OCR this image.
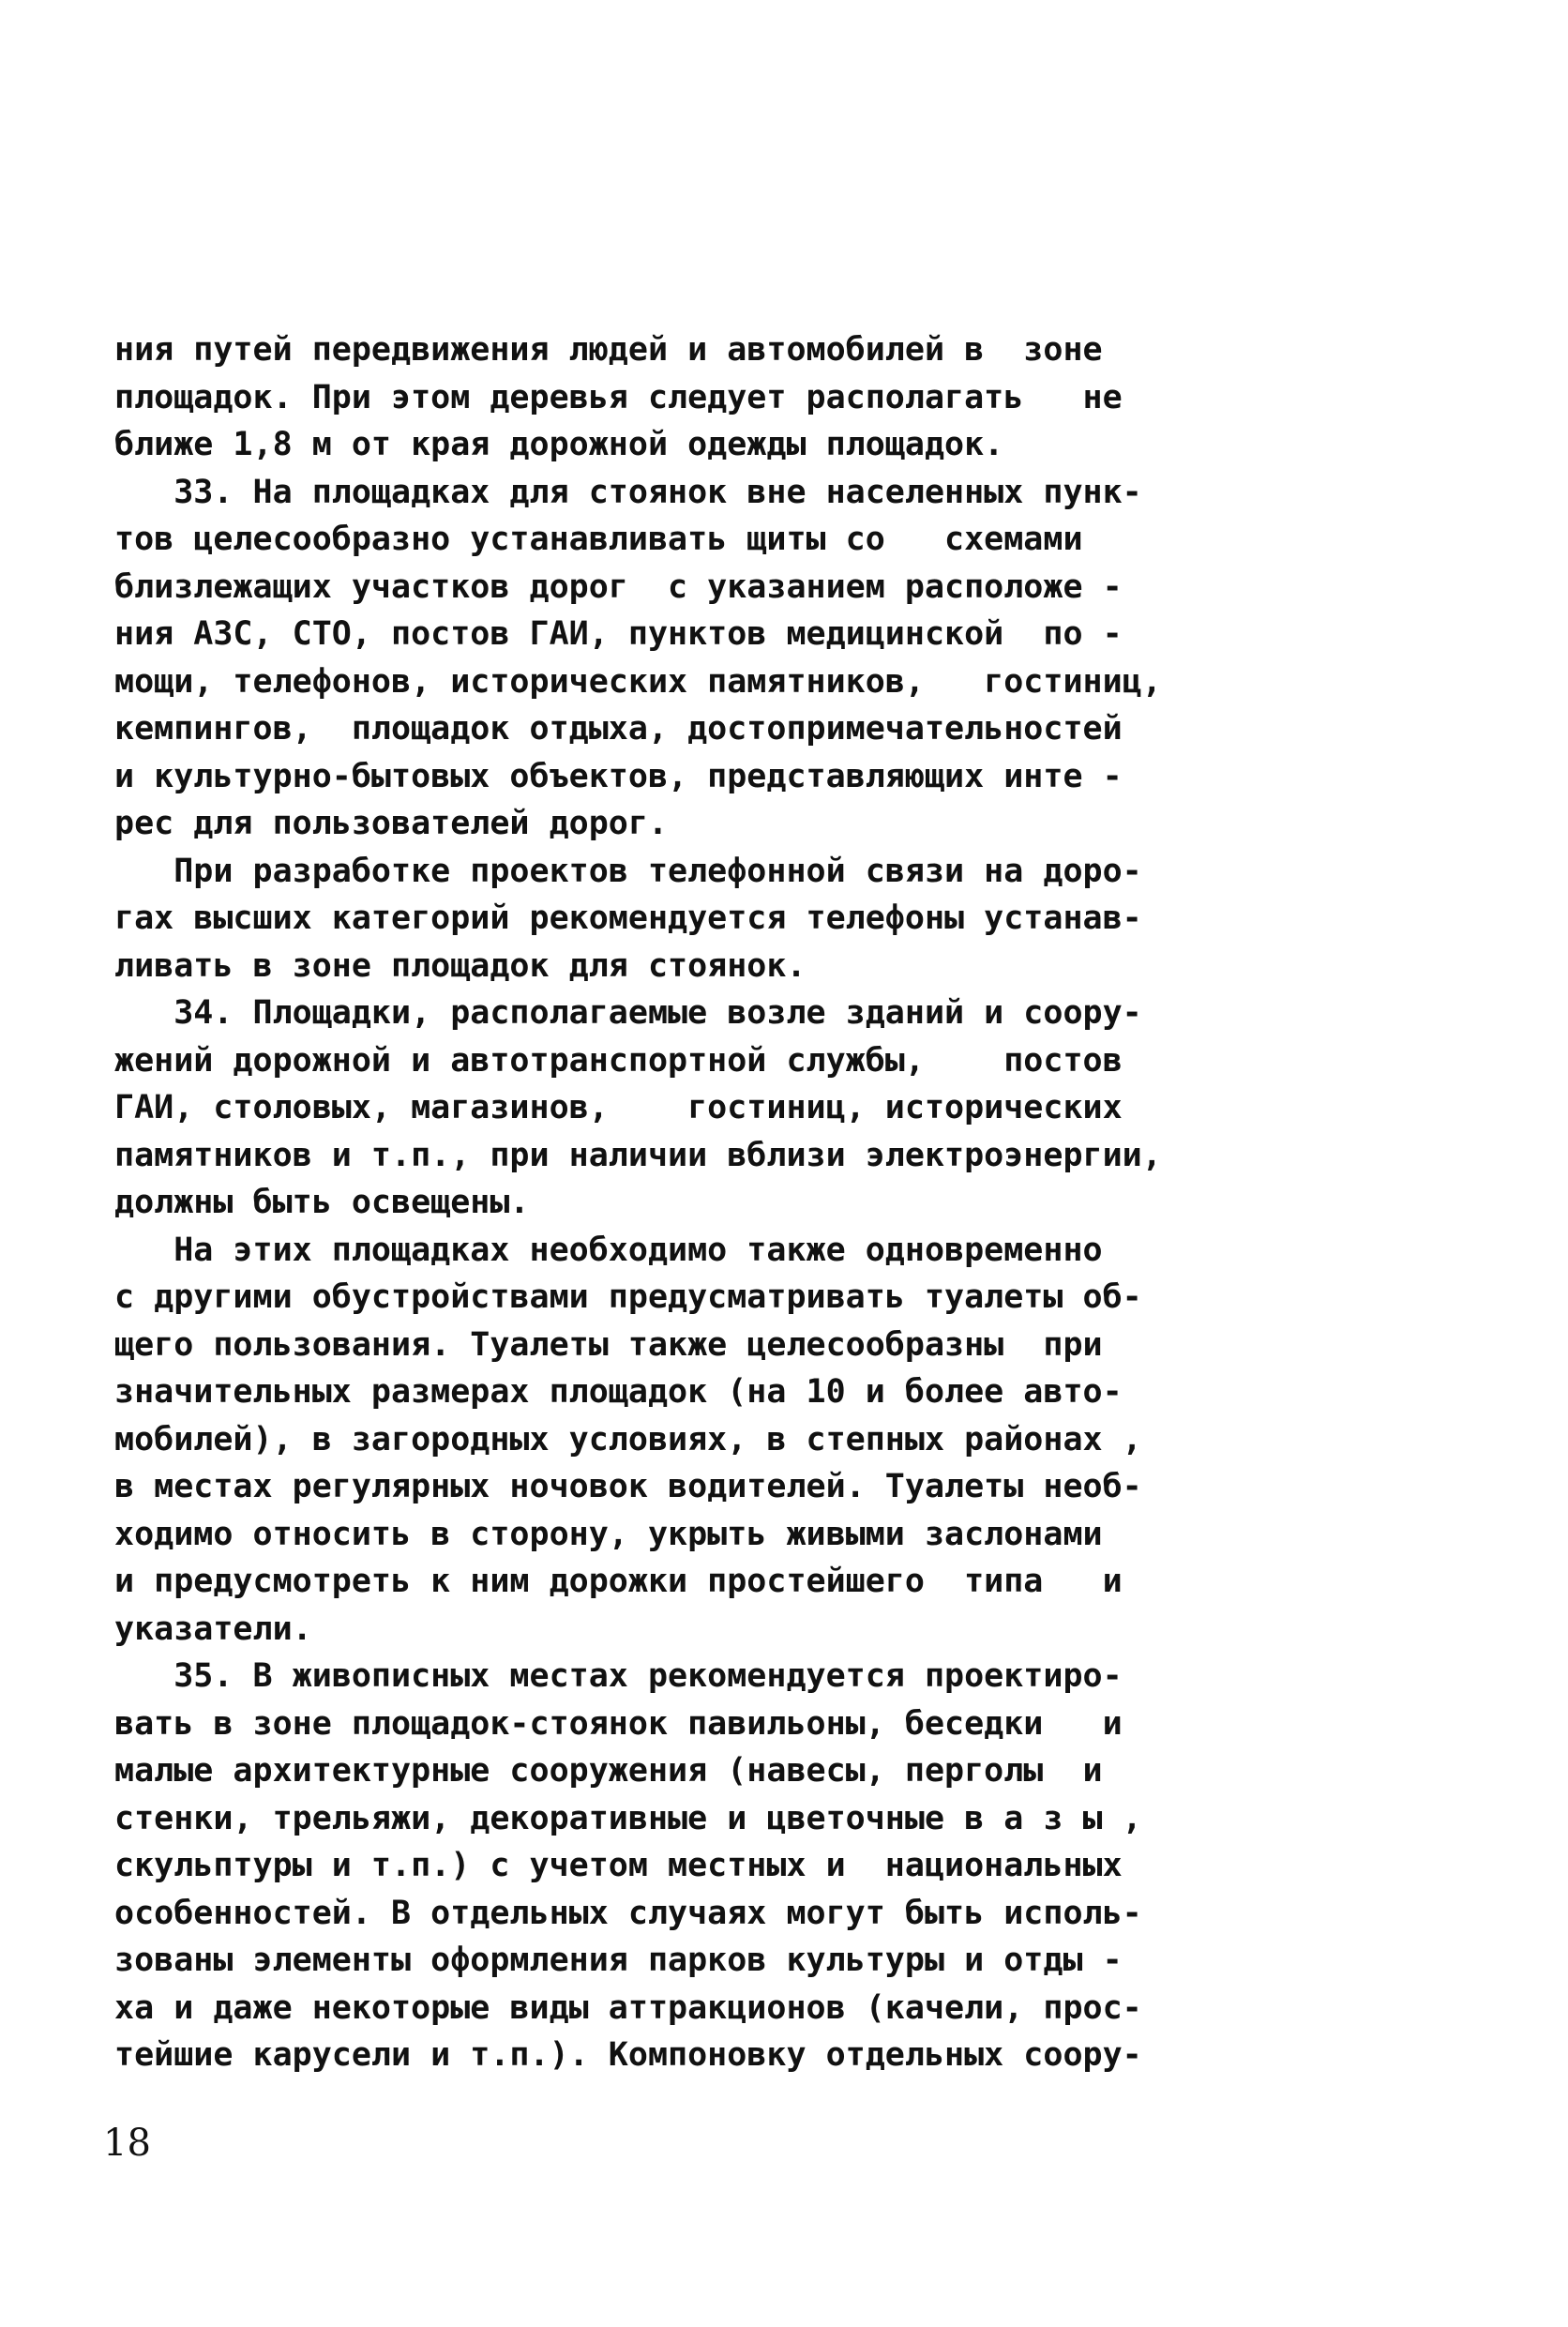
ния путей передвижения людей и автомобилей в  зоне
площадок. При этом деревья следует располагать   не
ближе 1,8 м от края дорожной одежды площадок.
33. На площадках для стоянок вне населенных пунк-
тов целесообразно устанавливать щиты со   схемами
близлежащих участков дорог  с указанием расположе -
ния АЗС, СТО, постов ГАИ, пунктов медицинской  по -
мощи, телефонов, исторических памятников,   гостиниц,
кемпингов,  площадок отдыха, достопримечательностей
и культурно-бытовых объектов, представляющих инте -
рес для пользователей дорог.
При разработке проектов телефонной связи на доро-
гах высших категорий рекомендуется телефоны устанав-
ливать в зоне площадок для стоянок.
34. Площадки, располагаемые возле зданий и соору-
жений дорожной и автотранспортной службы,    постов
ГАИ, столовых, магазинов,    гостиниц, исторических
памятников и т.п., при наличии вблизи электроэнергии,
должны быть освещены.
На этих площадках необходимо также одновременно
с другими обустройствами предусматривать туалеты об-
щего пользования. Туалеты также целесообразны  при
значительных размерах площадок (на 10 и более авто-
мобилей), в загородных условиях, в степных районах ,
в местах регулярных ночовок водителей. Туалеты необ-
ходимо относить в сторону, укрыть живыми заслонами
и предусмотреть к ним дорожки простейшего  типа   и
указатели.
35. В живописных местах рекомендуется проектиро-
вать в зоне площадок-стоянок павильоны, беседки   и
малые архитектурные сооружения (навесы, перголы  и
стенки, трельяжи, декоративные и цветочные в а з ы ,
скульптуры и т.п.) с учетом местных и  национальных
особенностей. В отдельных случаях могут быть исполь-
зованы элементы оформления парков культуры и отды -
ха и даже некоторые виды аттракционов (качели, прос-
тейшие карусели и т.п.). Компоновку отдельных соору-
18
